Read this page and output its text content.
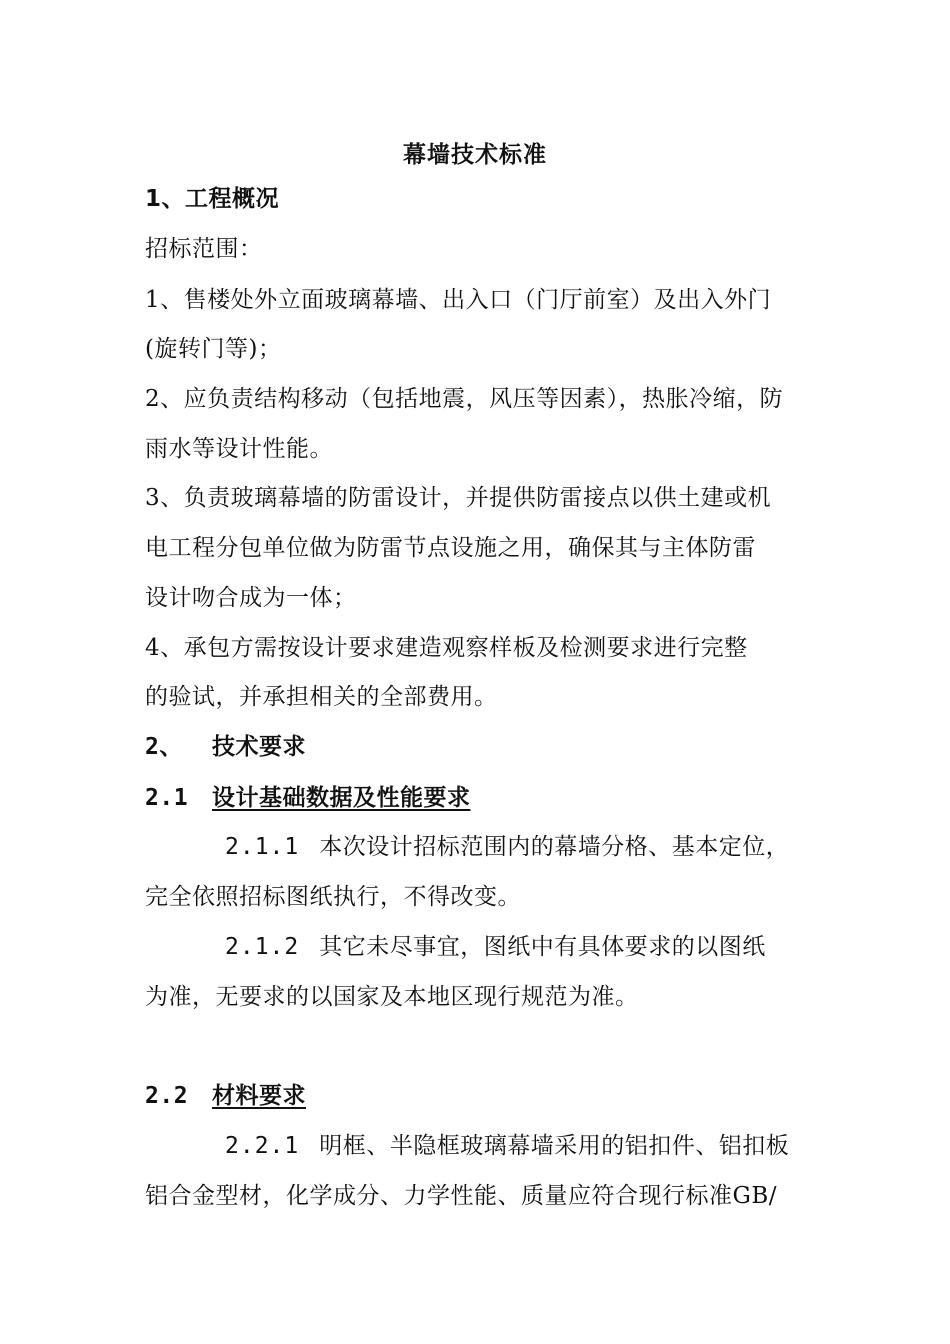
幕墙技术标准
1、工程概况
招标范围：
1、售楼处外立面玻璃幕墙、出入口（门厅前室）及出入外门
(旋转门等)；
2、应负责结构移动（包括地震，风压等因素），热胀冷缩，防
雨水等设计性能。
3、负责玻璃幕墙的防雷设计，并提供防雷接点以供土建或机
电工程分包单位做为防雷节点设施之用，确保其与主体防雷
设计吻合成为一体；
4、承包方需按设计要求建造观察样板及检测要求进行完整
的验试，并承担相关的全部费用。
2、 技术要求
2.1 设计基础数据及性能要求
2.1.1 本次设计招标范围内的幕墙分格、基本定位，
完全依照招标图纸执行，不得改变。
2.1.2 其它未尽事宜，图纸中有具体要求的以图纸
为准，无要求的以国家及本地区现行规范为准。
2.2 材料要求
2.2.1 明框、半隐框玻璃幕墙采用的铝扣件、铝扣板
铝合金型材，化学成分、力学性能、质量应符合现行标准GB/
